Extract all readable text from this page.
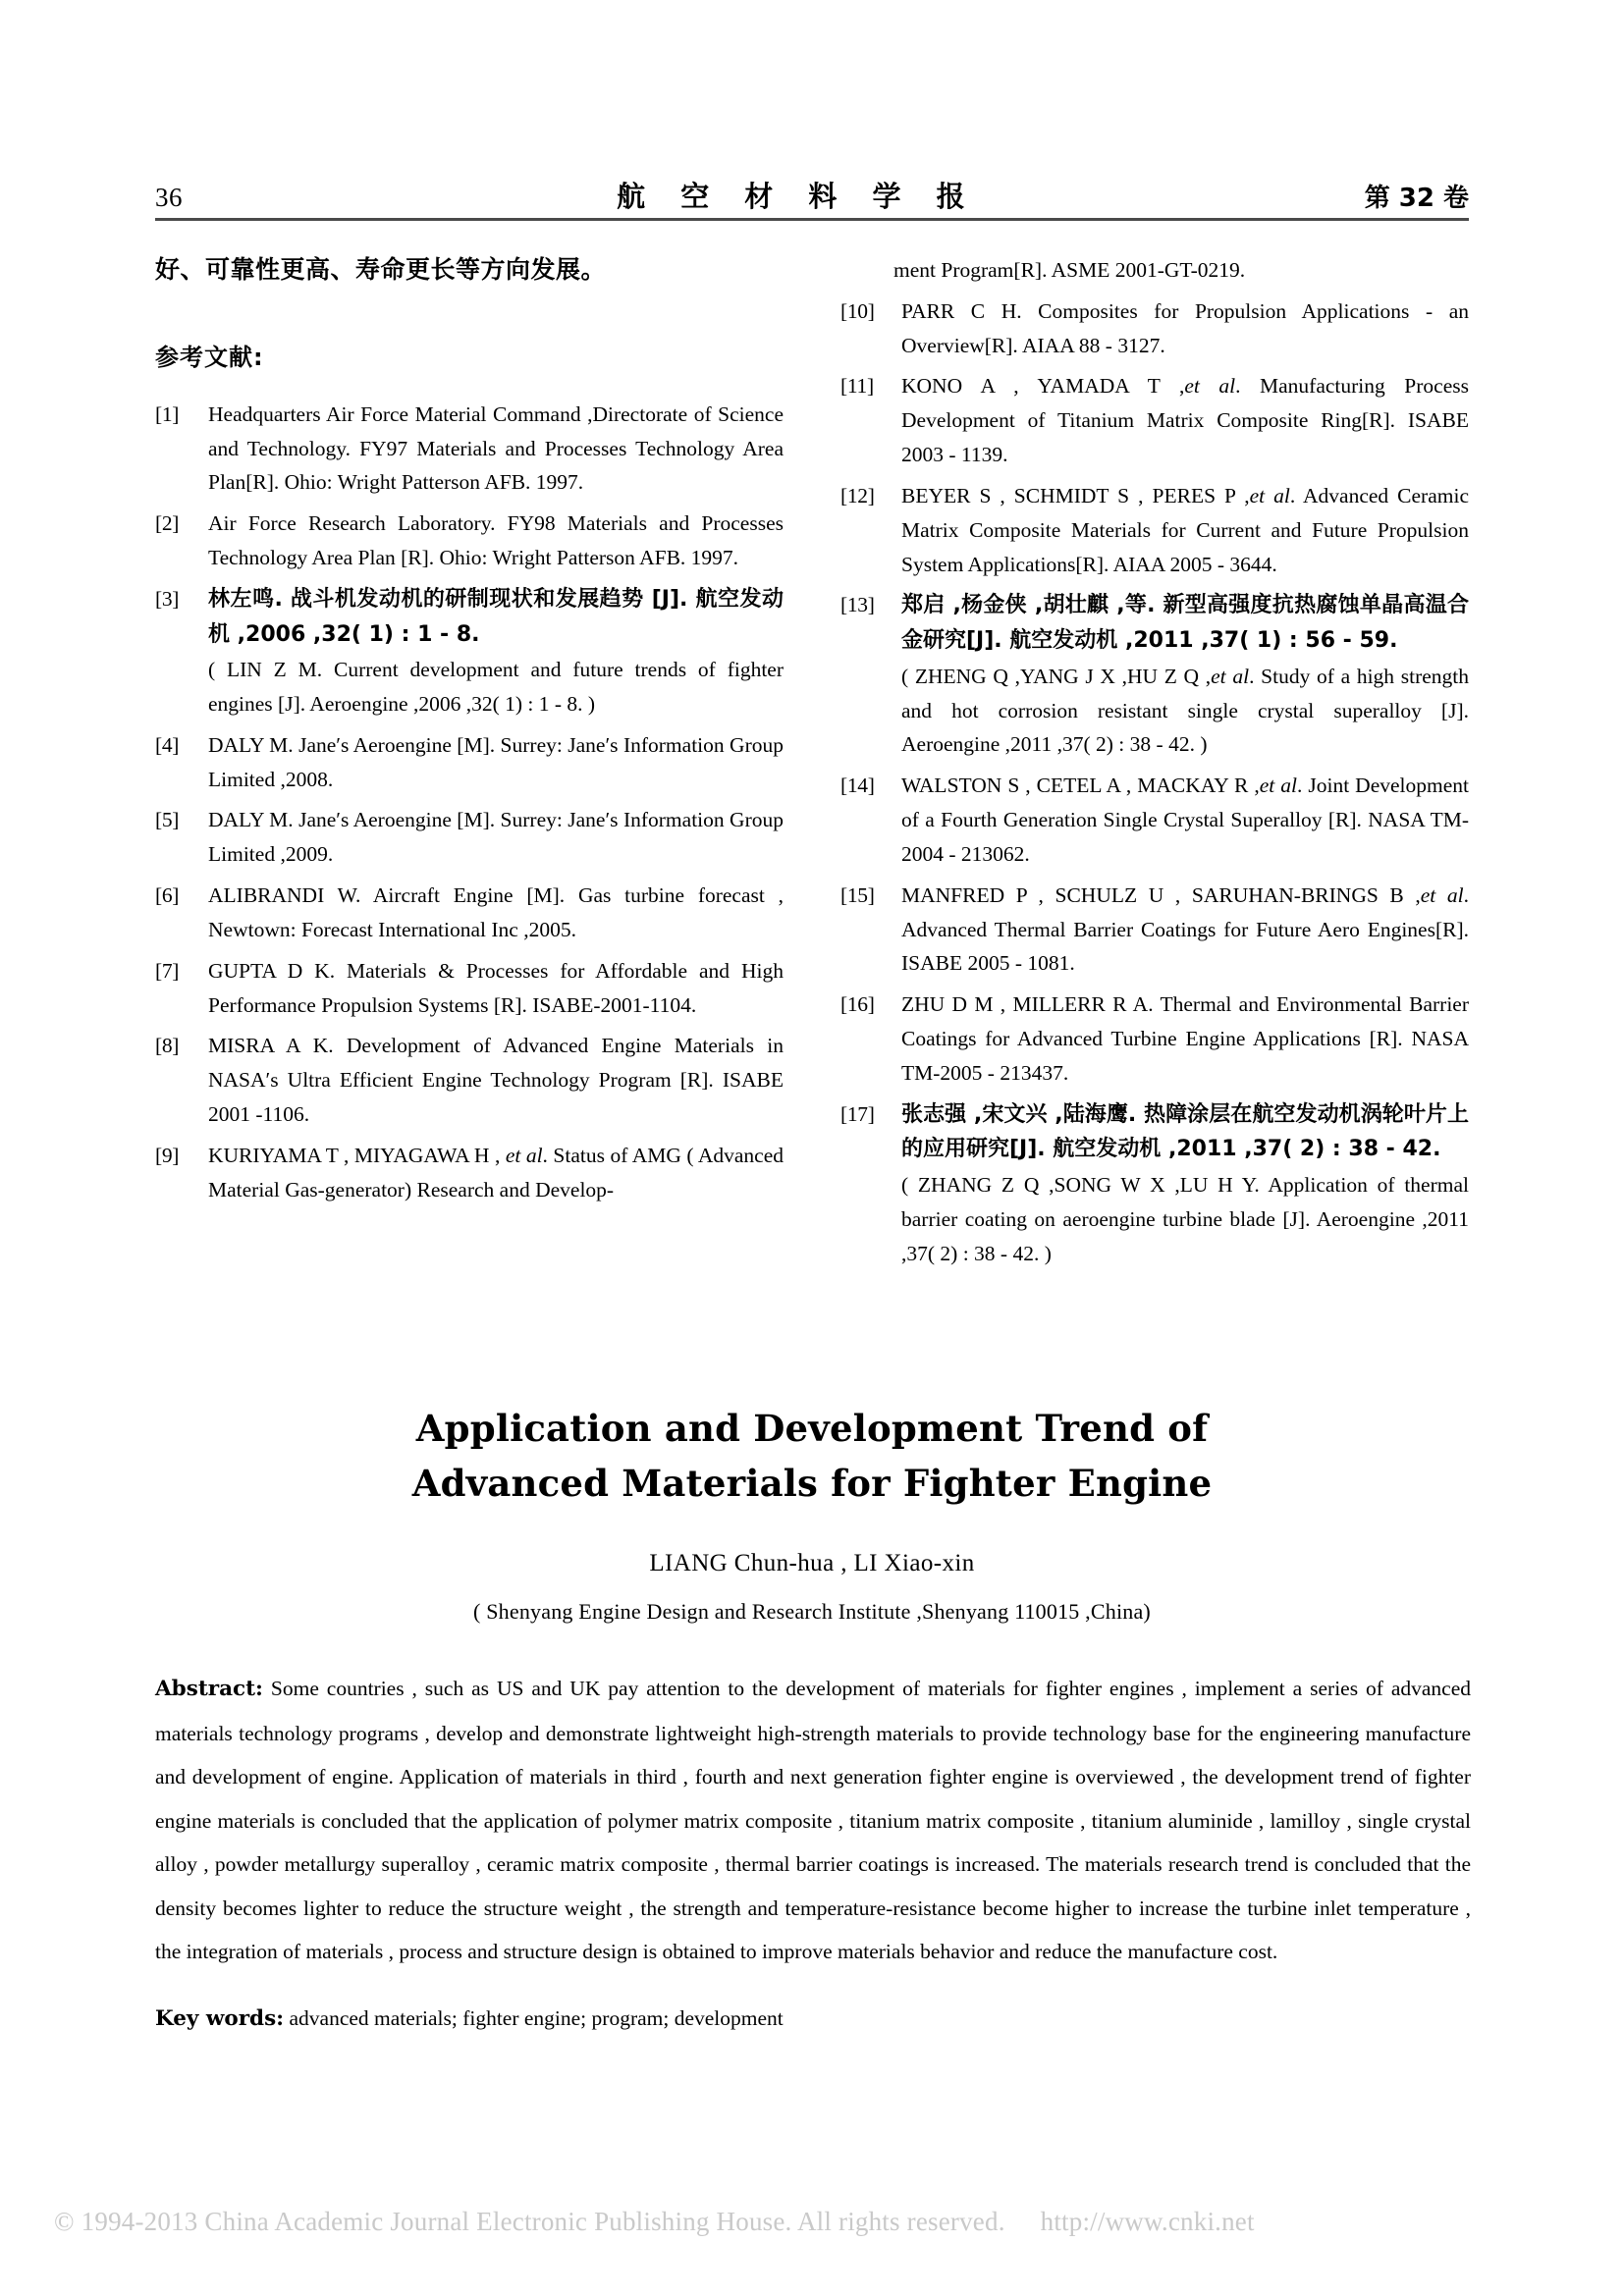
36	航 空 材 料 学 报	第 32 卷

好、可靠性更高、寿命更长等方向发展。

参考文献:
[1]	Headquarters Air Force Material Command ,Directorate of Science and Technology. FY97 Materials and Processes Technology Area Plan[R]. Ohio: Wright Patterson AFB. 1997.
[2]	Air Force Research Laboratory. FY98 Materials and Processes Technology Area Plan [R]. Ohio: Wright Patterson AFB. 1997.
[3]	林左鸣. 战斗机发动机的研制现状和发展趋势 [J]. 航空发动机 ,2006 ,32( 1) : 1 - 8.
( LIN Z M. Current development and future trends of fighter engines [J]. Aeroengine ,2006 ,32( 1) : 1 - 8. )
[4]	DALY M. Jane′s Aeroengine [M]. Surrey: Jane′s Information Group Limited ,2008.
[5]	DALY M. Jane′s Aeroengine [M]. Surrey: Jane′s Information Group Limited ,2009.
[6]	ALIBRANDI W. Aircraft Engine [M]. Gas turbine forecast , Newtown: Forecast International Inc ,2005.
[7]	GUPTA D K. Materials & Processes for Affordable and High Performance Propulsion Systems [R]. ISABE-2001-1104.
[8]	MISRA A K. Development of Advanced Engine Materials in NASA′s Ultra Efficient Engine Technology Program [R]. ISABE 2001 -1106.
[9]	KURIYAMA T , MIYAGAWA H , et al. Status of AMG ( Advanced Material Gas-generator) Research and Develop-
ment Program[R]. ASME 2001-GT-0219.
[10]	PARR C H. Composites for Propulsion Applications - an Overview[R]. AIAA 88 - 3127.
[11]	KONO A , YAMADA T ,et al. Manufacturing Process Development of Titanium Matrix Composite Ring[R]. ISABE 2003 - 1139.
[12]	BEYER S , SCHMIDT S , PERES P ,et al. Advanced Ceramic Matrix Composite Materials for Current and Future Propulsion System Applications[R]. AIAA 2005 - 3644.
[13]	郑启 ,杨金侠 ,胡壮麒 ,等. 新型高强度抗热腐蚀单晶高温合金研究[J]. 航空发动机 ,2011 ,37( 1) : 56 - 59.
( ZHENG Q ,YANG J X ,HU Z Q ,et al. Study of a high strength and hot corrosion resistant single crystal superalloy [J]. Aeroengine ,2011 ,37( 2) : 38 - 42. )
[14]	WALSTON S , CETEL A , MACKAY R ,et al. Joint Development of a Fourth Generation Single Crystal Superalloy [R]. NASA TM-2004 - 213062.
[15]	MANFRED P , SCHULZ U , SARUHAN-BRINGS B ,et al. Advanced Thermal Barrier Coatings for Future Aero Engines[R]. ISABE 2005 - 1081.
[16]	ZHU D M , MILLERR R A. Thermal and Environmental Barrier Coatings for Advanced Turbine Engine Applications [R]. NASA TM-2005 - 213437.
[17]	张志强 ,宋文兴 ,陆海鹰. 热障涂层在航空发动机涡轮叶片上的应用研究[J]. 航空发动机 ,2011 ,37( 2) : 38 - 42.
( ZHANG Z Q ,SONG W X ,LU H Y. Application of thermal barrier coating on aeroengine turbine blade [J]. Aeroengine ,2011 ,37( 2) : 38 - 42. )
Application and Development Trend of
Advanced Materials for Fighter Engine
LIANG Chun-hua , LI Xiao-xin
( Shenyang Engine Design and Research Institute ,Shenyang 110015 ,China)

Abstract: Some countries , such as US and UK pay attention to the development of materials for fighter engines , implement a series of advanced materials technology programs , develop and demonstrate lightweight high-strength materials to provide technology base for the engineering manufacture and development of engine. Application of materials in third , fourth and next generation fighter engine is overviewed , the development trend of fighter engine materials is concluded that the application of polymer matrix composite , titanium matrix composite , titanium aluminide , lamilloy , single crystal alloy , powder metallurgy superalloy , ceramic matrix composite , thermal barrier coatings is increased. The materials research trend is concluded that the density becomes lighter to reduce the structure weight , the strength and temperature-resistance become higher to increase the turbine inlet temperature , the integration of materials , process and structure design is obtained to improve materials behavior and reduce the manufacture cost.

Key words: advanced materials; fighter engine; program; development

© 1994-2013 China Academic Journal Electronic Publishing House. All rights reserved. http://www.cnki.net
